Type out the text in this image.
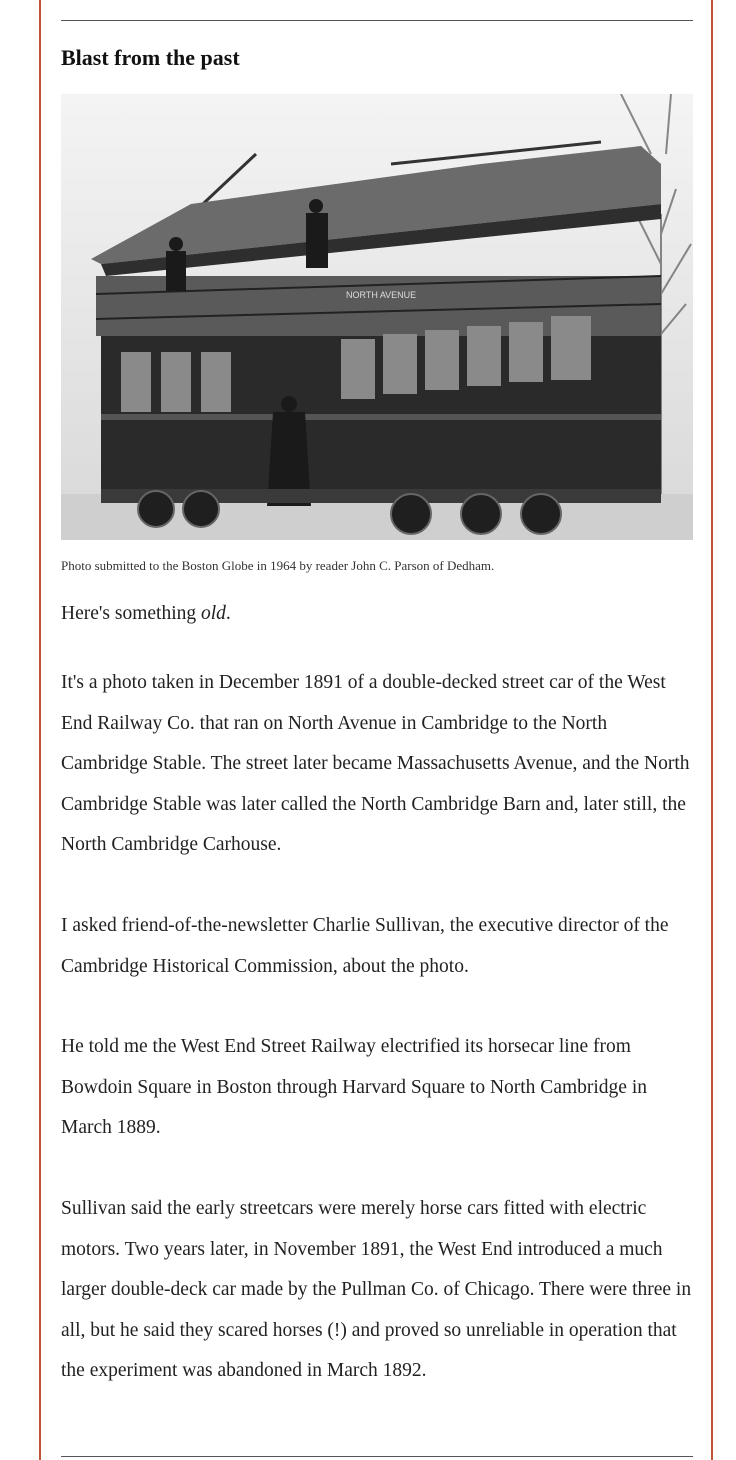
Blast from the past
NORTH AVENUE

Photo submitted to the Boston Globe in 1964 by reader John C. Parson of Dedham.

Here's something old.

It's a photo taken in December 1891 of a double-decked street car of the West End Railway Co. that ran on North Avenue in Cambridge to the North Cambridge Stable. The street later became Massachusetts Avenue, and the North Cambridge Stable was later called the North Cambridge Barn and, later still, the North Cambridge Carhouse.

I asked friend-of-the-newsletter Charlie Sullivan, the executive director of the Cambridge Historical Commission, about the photo.

He told me the West End Street Railway electrified its horsecar line from Bowdoin Square in Boston through Harvard Square to North Cambridge in March 1889.

Sullivan said the early streetcars were merely horse cars fitted with electric motors. Two years later, in November 1891, the West End introduced a much larger double-deck car made by the Pullman Co. of Chicago. There were three in all, but he said they scared horses (!) and proved so unreliable in operation that the experiment was abandoned in March 1892.
